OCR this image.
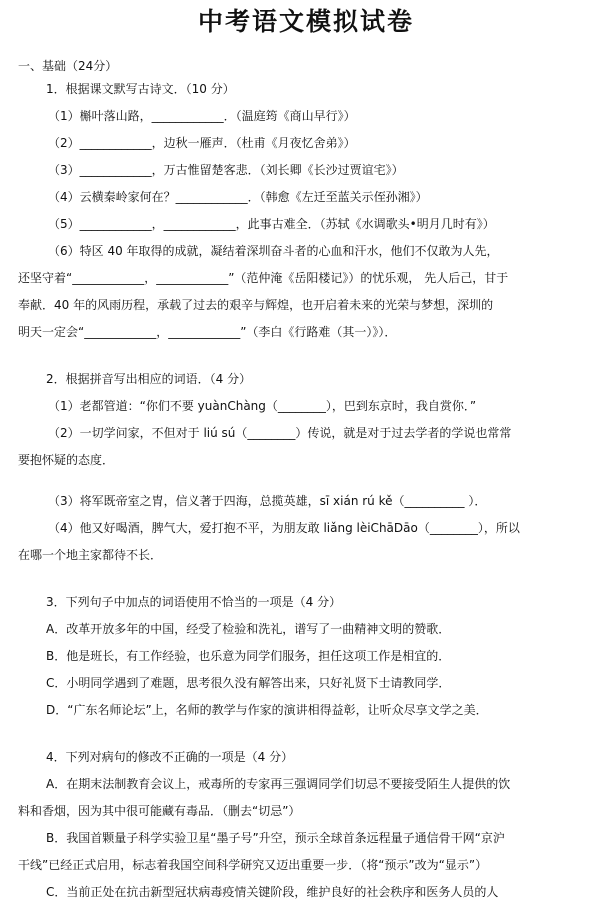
中考语文模拟试卷
一、基础（24分）
1．根据课文默写古诗文．（10 分）
（1）槲叶落山路，____________．（温庭筠《商山早行》）
（2）____________，边秋一雁声．（杜甫《月夜忆舍弟》）
（3）____________，万古惟留楚客悲．（刘长卿《长沙过贾谊宅》）
（4）云横秦岭家何在？____________．（韩愈《左迁至蓝关示侄孙湘》）
（5）____________，____________，此事古难全．（苏轼《水调歌头•明月几时有》）
（6）特区 40 年取得的成就，凝结着深圳奋斗者的心血和汗水，他们不仅敢为人先，
还坚守着“____________，____________”（范仲淹《岳阳楼记》）的忧乐观， 先人后己，甘于
奉献．40 年的风雨历程，承载了过去的艰辛与辉煌，也开启着未来的光荣与梦想，深圳的
明天一定会“____________，____________”（李白《行路难（其一）》）．
2．根据拼音写出相应的词语．（4 分）
（1）老都管道：“你们不要 yuànChàng（________），巴到东京时，我自赏你．”
（2）一切学问家，不但对于 liú sú（________）传说，就是对于过去学者的学说也常常
要抱怀疑的态度．
（3）将军既帝室之胄，信义著于四海，总揽英雄，sī xián rú kě（__________ ）．
（4）他又好喝酒，脾气大，爱打抱不平，为朋友敢 liǎng lèiChāDāo（________），所以
在哪一个地主家都待不长．
3．下列句子中加点的词语使用不恰当的一项是（4 分）
A．改革开放多年的中国，经受了检验和洗礼，谱写了一曲精神文明的赞歌．
B．他是班长，有工作经验，也乐意为同学们服务，担任这项工作是相宜的．
C．小明同学遇到了难题，思考很久没有解答出来，只好礼贤下士请教同学．
D．“广东名师论坛”上，名师的教学与作家的演讲相得益彰，让听众尽享文学之美．
4．下列对病句的修改不正确的一项是（4 分）
A．在期末法制教育会议上，戒毒所的专家再三强调同学们切忌不要接受陌生人提供的饮
料和香烟，因为其中很可能藏有毒品．（删去“切忌”）
B．我国首颗量子科学实验卫星“墨子号”升空，预示全球首条远程量子通信骨干网“京沪
干线”已经正式启用，标志着我国空间科学研究又迈出重要一步．（将“预示”改为“显示”）
C．当前正处在抗击新型冠状病毒疫情关键阶段，维护良好的社会秩序和医务人员的人
